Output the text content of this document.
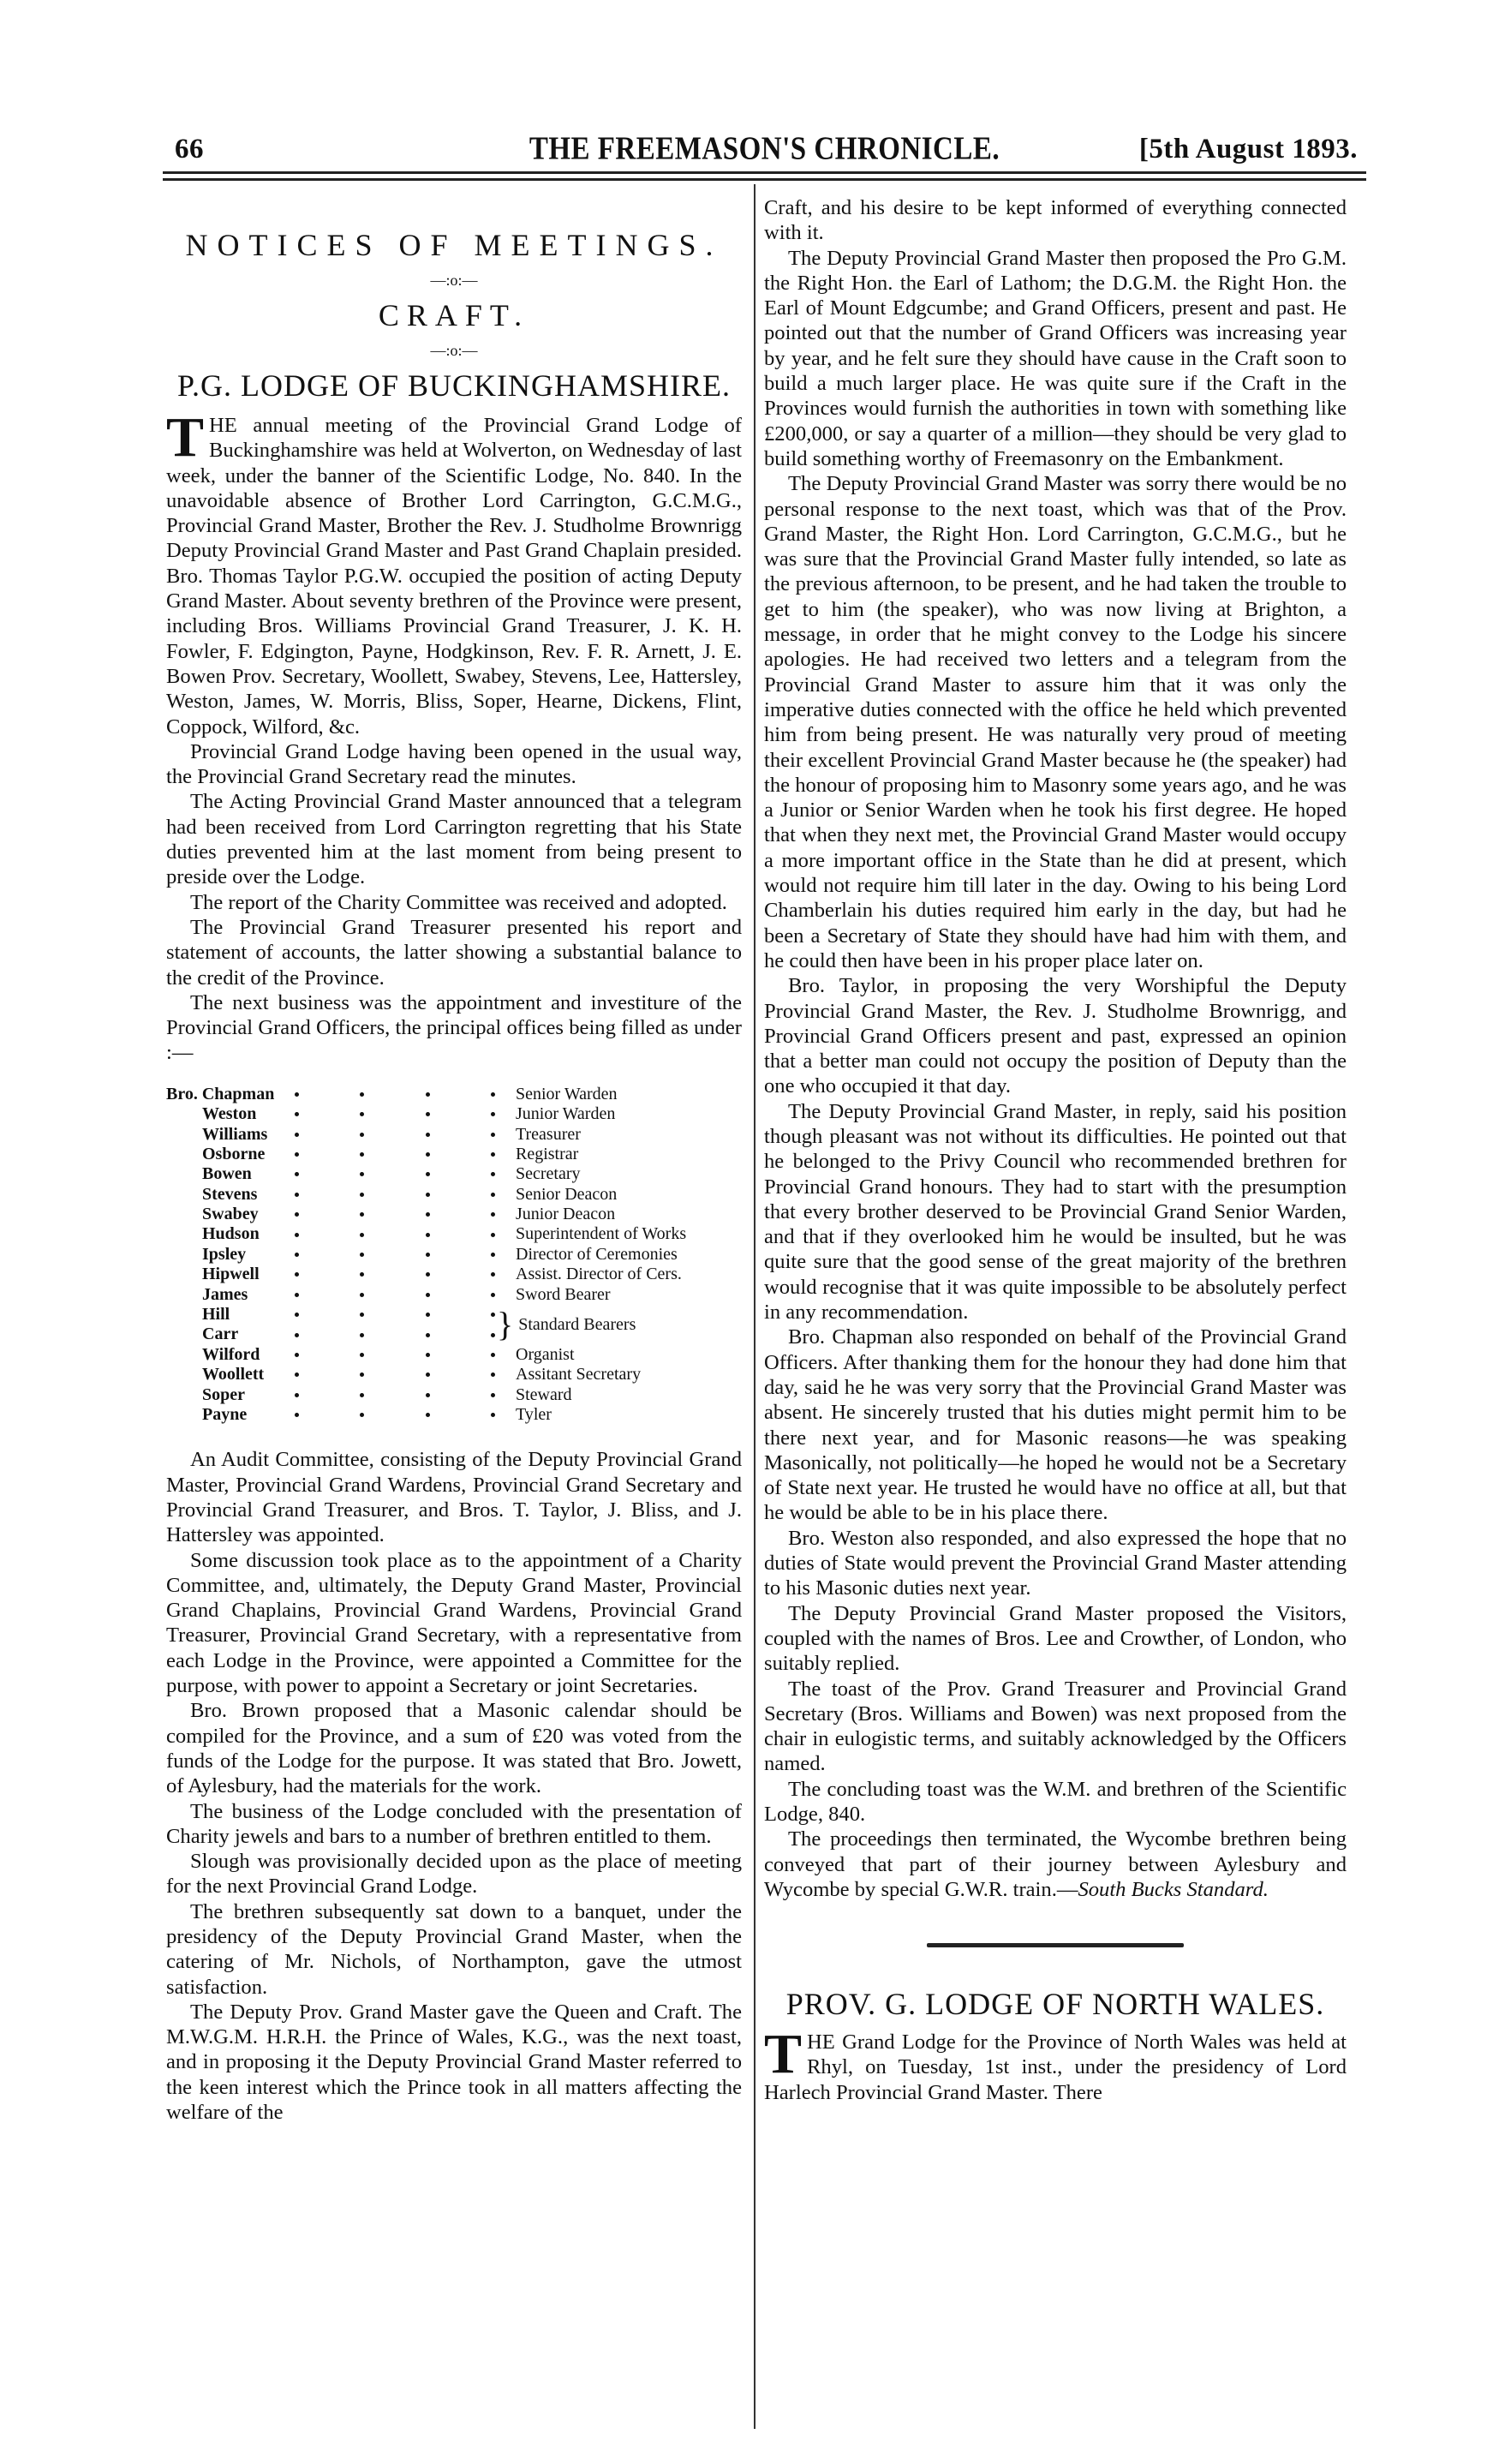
66	THE FREEMASON'S CHRONICLE.	[5th August 1893.
NOTICES OF MEETINGS.
—:o:—
CRAFT.
—:o:—
P.G. LODGE OF BUCKINGHAMSHIRE.

THE annual meeting of the Provincial Grand Lodge of Buckinghamshire was held at Wolverton, on Wednesday of last week, under the banner of the Scientific Lodge, No. 840. In the unavoidable absence of Brother Lord Carrington, G.C.M.G., Provincial Grand Master, Brother the Rev. J. Studholme Brownrigg Deputy Provincial Grand Master and Past Grand Chaplain presided. Bro. Thomas Taylor P.G.W. occupied the position of acting Deputy Grand Master. About seventy brethren of the Province were present, including Bros. Williams Provincial Grand Treasurer, J. K. H. Fowler, F. Edgington, Payne, Hodgkinson, Rev. F. R. Arnett, J. E. Bowen Prov. Secretary, Woollett, Swabey, Stevens, Lee, Hattersley, Weston, James, W. Morris, Bliss, Soper, Hearne, Dickens, Flint, Coppock, Wilford, &c.

Provincial Grand Lodge having been opened in the usual way, the Provincial Grand Secretary read the minutes.

The Acting Provincial Grand Master announced that a telegram had been received from Lord Carrington regretting that his State duties prevented him at the last moment from being present to preside over the Lodge.

The report of the Charity Committee was received and adopted.

The Provincial Grand Treasurer presented his report and statement of accounts, the latter showing a substantial balance to the credit of the Province.

The next business was the appointment and investiture of the Provincial Grand Officers, the principal offices being filled as under :—

Bro. Chapman	Senior Warden
Weston	Junior Warden
Williams	Treasurer
Osborne	Registrar
Bowen	Secretary
Stevens	Senior Deacon
Swabey	Junior Deacon
Hudson	Superintendent of Works
Ipsley	Director of Ceremonies
Hipwell	Assist. Director of Cers.
James	Sword Bearer
Hill
Carr	} Standard Bearers
Wilford	Organist
Woollett	Assitant Secretary
Soper	Steward
Payne	Tyler

An Audit Committee, consisting of the Deputy Provincial Grand Master, Provincial Grand Wardens, Provincial Grand Secretary and Provincial Grand Treasurer, and Bros. T. Taylor, J. Bliss, and J. Hattersley was appointed.

Some discussion took place as to the appointment of a Charity Committee, and, ultimately, the Deputy Grand Master, Provincial Grand Chaplains, Provincial Grand Wardens, Provincial Grand Treasurer, Provincial Grand Secretary, with a representative from each Lodge in the Province, were appointed a Committee for the purpose, with power to appoint a Secretary or joint Secretaries.

Bro. Brown proposed that a Masonic calendar should be compiled for the Province, and a sum of £20 was voted from the funds of the Lodge for the purpose. It was stated that Bro. Jowett, of Aylesbury, had the materials for the work.

The business of the Lodge concluded with the presentation of Charity jewels and bars to a number of brethren entitled to them.

Slough was provisionally decided upon as the place of meeting for the next Provincial Grand Lodge.

The brethren subsequently sat down to a banquet, under the presidency of the Deputy Provincial Grand Master, when the catering of Mr. Nichols, of Northampton, gave the utmost satisfaction.

The Deputy Prov. Grand Master gave the Queen and Craft. The M.W.G.M. H.R.H. the Prince of Wales, K.G., was the next toast, and in proposing it the Deputy Provincial Grand Master referred to the keen interest which the Prince took in all matters affecting the welfare of the

Craft, and his desire to be kept informed of everything connected with it.

The Deputy Provincial Grand Master then proposed the Pro G.M. the Right Hon. the Earl of Lathom; the D.G.M. the Right Hon. the Earl of Mount Edgcumbe; and Grand Officers, present and past. He pointed out that the number of Grand Officers was increasing year by year, and he felt sure they should have cause in the Craft soon to build a much larger place. He was quite sure if the Craft in the Provinces would furnish the authorities in town with something like £200,000, or say a quarter of a million—they should be very glad to build something worthy of Freemasonry on the Embankment.

The Deputy Provincial Grand Master was sorry there would be no personal response to the next toast, which was that of the Prov. Grand Master, the Right Hon. Lord Carrington, G.C.M.G., but he was sure that the Provincial Grand Master fully intended, so late as the previous afternoon, to be present, and he had taken the trouble to get to him (the speaker), who was now living at Brighton, a message, in order that he might convey to the Lodge his sincere apologies. He had received two letters and a telegram from the Provincial Grand Master to assure him that it was only the imperative duties connected with the office he held which prevented him from being present. He was naturally very proud of meeting their excellent Provincial Grand Master because he (the speaker) had the honour of proposing him to Masonry some years ago, and he was a Junior or Senior Warden when he took his first degree. He hoped that when they next met, the Provincial Grand Master would occupy a more important office in the State than he did at present, which would not require him till later in the day. Owing to his being Lord Chamberlain his duties required him early in the day, but had he been a Secretary of State they should have had him with them, and he could then have been in his proper place later on.

Bro. Taylor, in proposing the very Worshipful the Deputy Provincial Grand Master, the Rev. J. Studholme Brownrigg, and Provincial Grand Officers present and past, expressed an opinion that a better man could not occupy the position of Deputy than the one who occupied it that day.

The Deputy Provincial Grand Master, in reply, said his position though pleasant was not without its difficulties. He pointed out that he belonged to the Privy Council who recommended brethren for Provincial Grand honours. They had to start with the presumption that every brother deserved to be Provincial Grand Senior Warden, and that if they overlooked him he would be insulted, but he was quite sure that the good sense of the great majority of the brethren would recognise that it was quite impossible to be absolutely perfect in any recommendation.

Bro. Chapman also responded on behalf of the Provincial Grand Officers. After thanking them for the honour they had done him that day, said he he was very sorry that the Provincial Grand Master was absent. He sincerely trusted that his duties might permit him to be there next year, and for Masonic reasons—he was speaking Masonically, not politically—he hoped he would not be a Secretary of State next year. He trusted he would have no office at all, but that he would be able to be in his place there.

Bro. Weston also responded, and also expressed the hope that no duties of State would prevent the Provincial Grand Master attending to his Masonic duties next year.

The Deputy Provincial Grand Master proposed the Visitors, coupled with the names of Bros. Lee and Crowther, of London, who suitably replied.

The toast of the Prov. Grand Treasurer and Provincial Grand Secretary (Bros. Williams and Bowen) was next proposed from the chair in eulogistic terms, and suitably acknowledged by the Officers named.

The concluding toast was the W.M. and brethren of the Scientific Lodge, 840.

The proceedings then terminated, the Wycombe brethren being conveyed that part of their journey between Aylesbury and Wycombe by special G.W.R. train.—South Bucks Standard.

PROV. G. LODGE OF NORTH WALES.

THE Grand Lodge for the Province of North Wales was held at Rhyl, on Tuesday, 1st inst., under the presidency of Lord Harlech Provincial Grand Master. There
